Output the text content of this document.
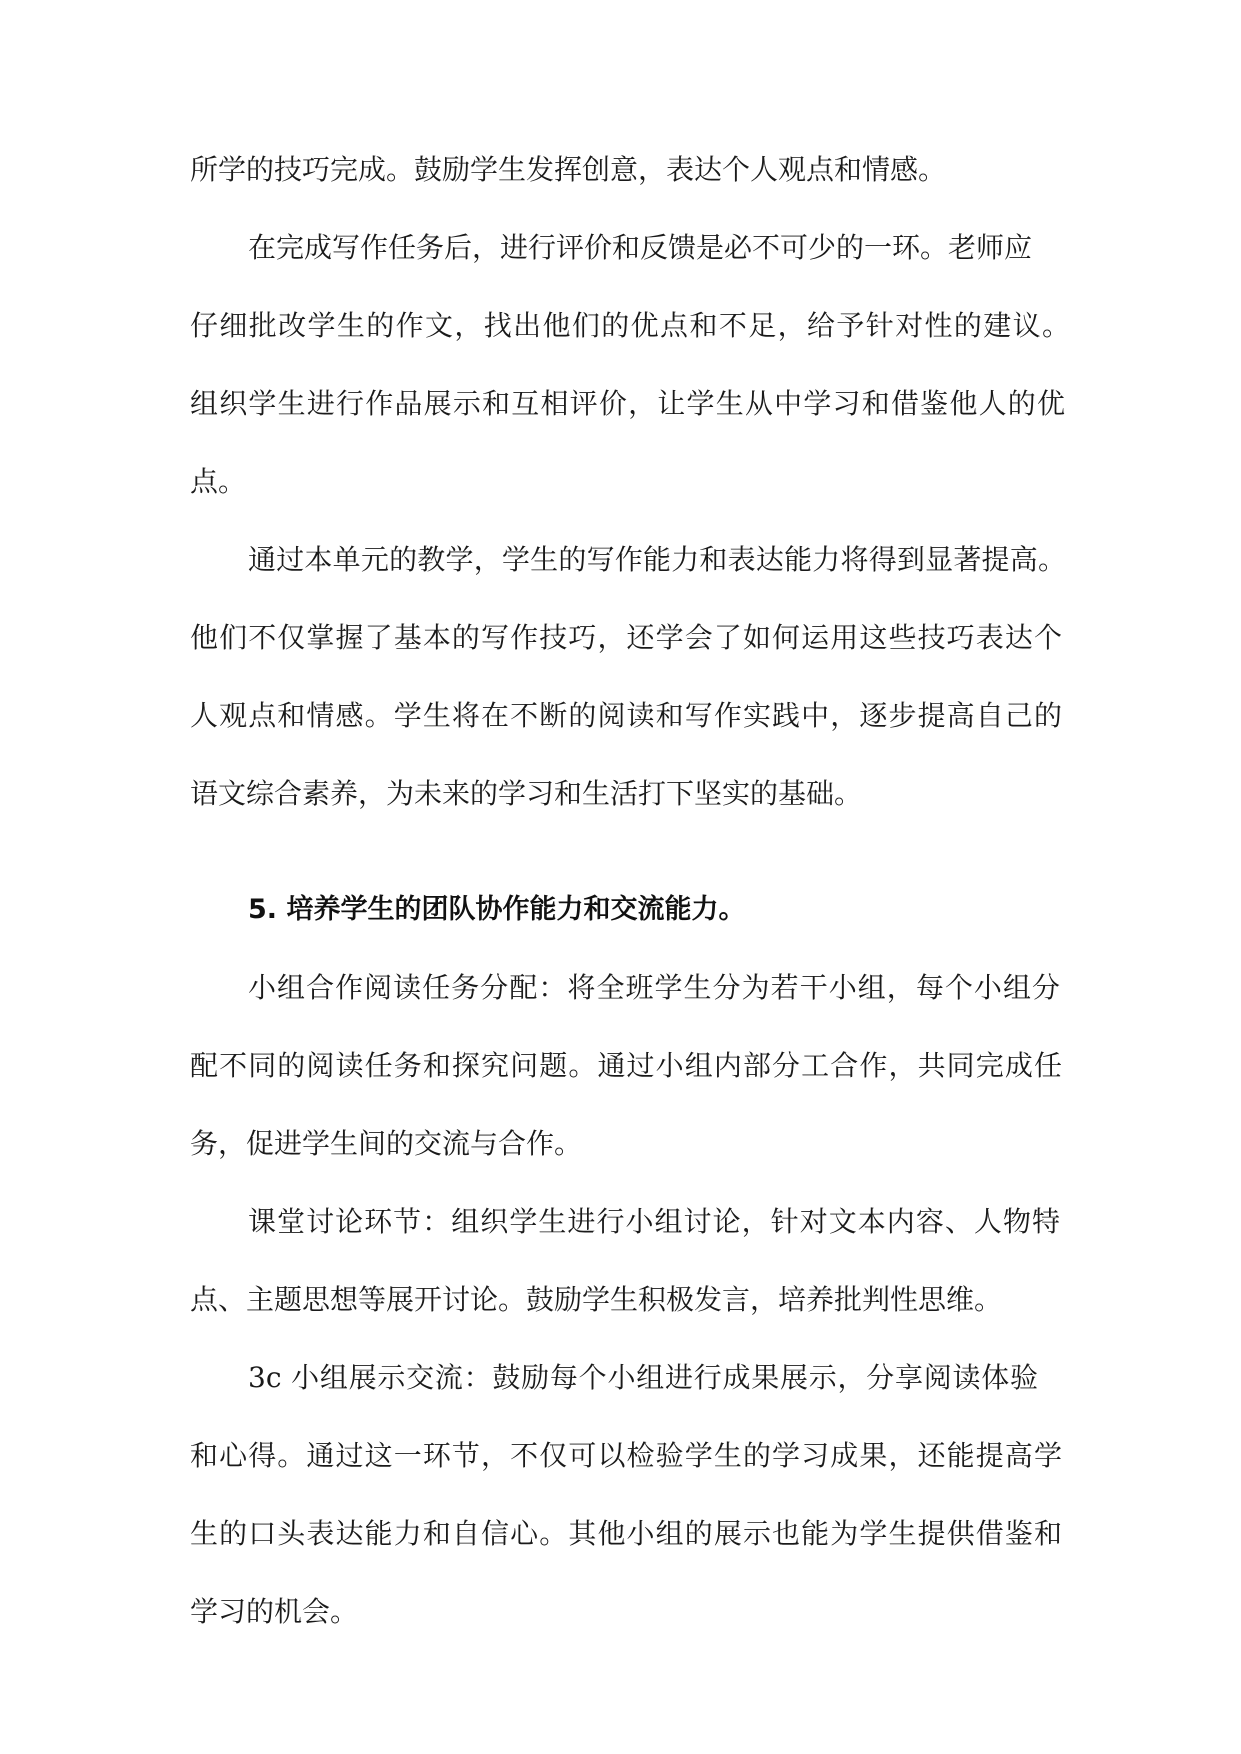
所学的技巧完成。鼓励学生发挥创意，表达个人观点和情感。
在完成写作任务后，进行评价和反馈是必不可少的一环。老师应
仔细批改学生的作文，找出他们的优点和不足，给予针对性的建议。
组织学生进行作品展示和互相评价，让学生从中学习和借鉴他人的优
点。
通过本单元的教学，学生的写作能力和表达能力将得到显著提高。
他们不仅掌握了基本的写作技巧，还学会了如何运用这些技巧表达个
人观点和情感。学生将在不断的阅读和写作实践中，逐步提高自己的
语文综合素养，为未来的学习和生活打下坚实的基础。
5. 培养学生的团队协作能力和交流能力。
小组合作阅读任务分配：将全班学生分为若干小组，每个小组分
配不同的阅读任务和探究问题。通过小组内部分工合作，共同完成任
务，促进学生间的交流与合作。
课堂讨论环节：组织学生进行小组讨论，针对文本内容、人物特
点、主题思想等展开讨论。鼓励学生积极发言，培养批判性思维。
3c 小组展示交流：鼓励每个小组进行成果展示，分享阅读体验
和心得。通过这一环节，不仅可以检验学生的学习成果，还能提高学
生的口头表达能力和自信心。其他小组的展示也能为学生提供借鉴和
学习的机会。
